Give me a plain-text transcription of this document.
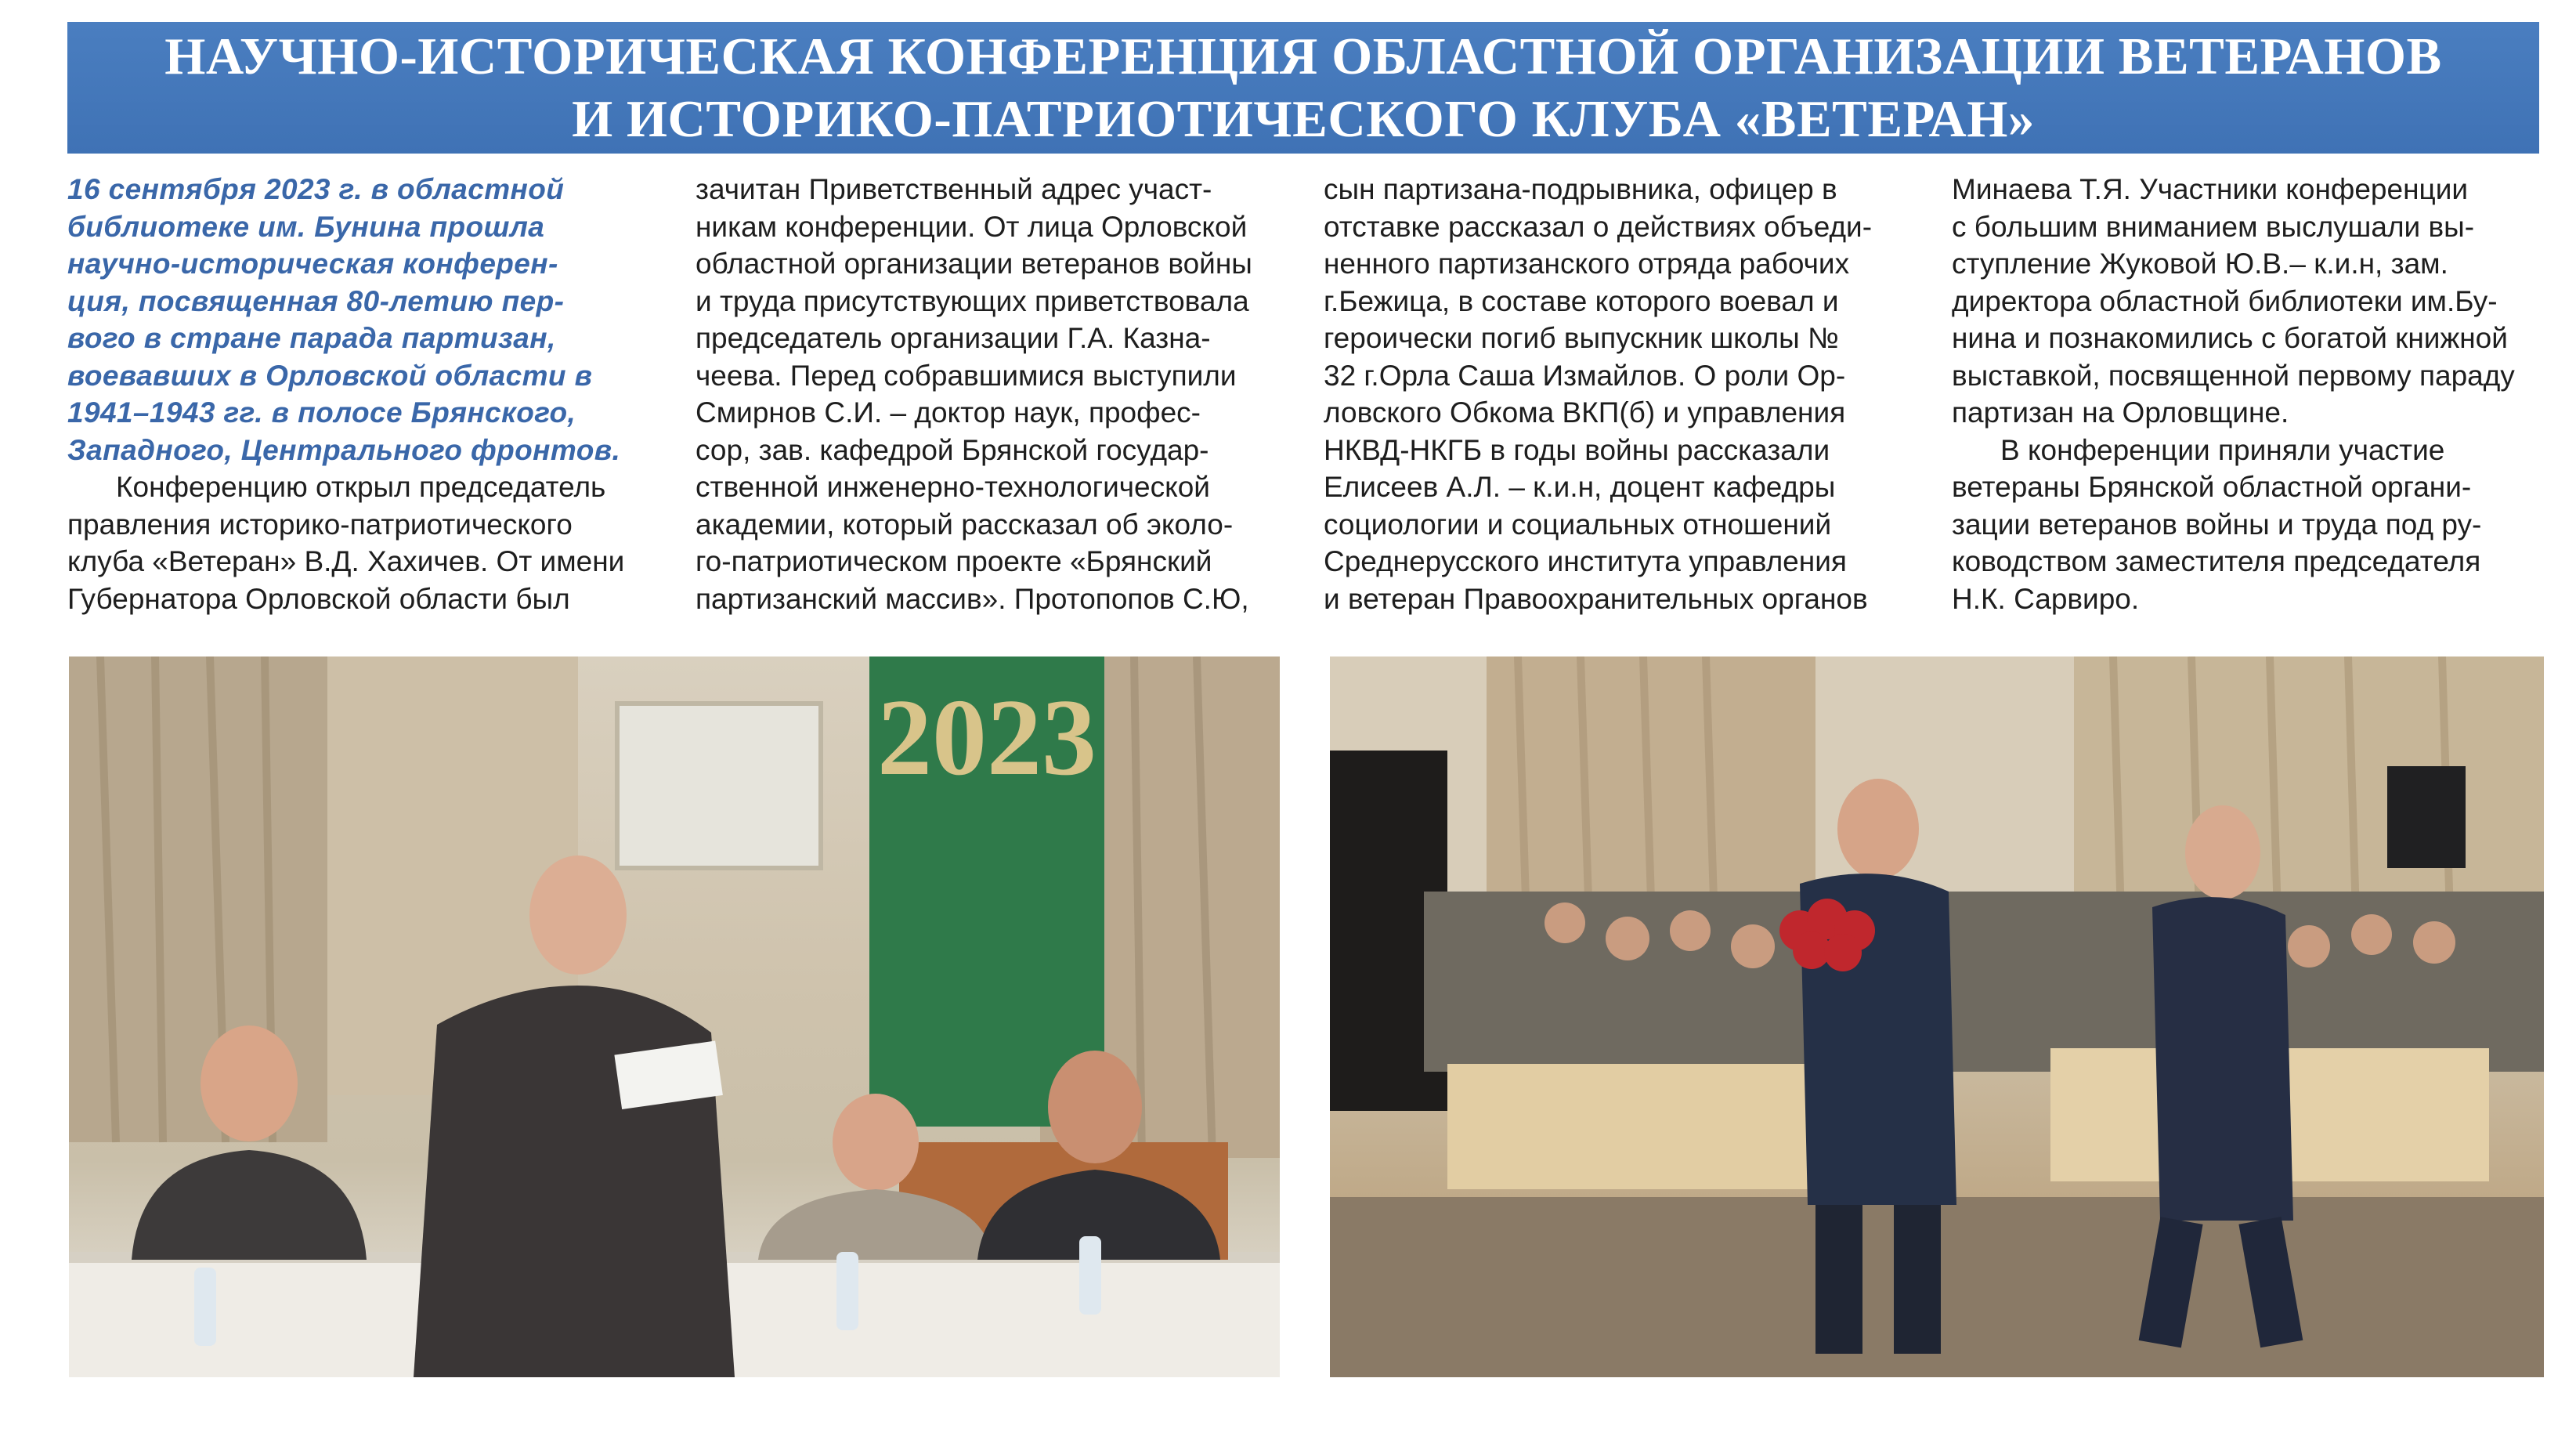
НАУЧНО-ИСТОРИЧЕСКАЯ КОНФЕРЕНЦИЯ ОБЛАСТНОЙ ОРГАНИЗАЦИИ ВЕТЕРАНОВ
И ИСТОРИКО-ПАТРИОТИЧЕСКОГО КЛУБА «ВЕТЕРАН»

16 сентября 2023 г. в областной

библиотеке им. Бунина прошла

научно-историческая конферен-

ция, посвященная 80-летию пер-

вого в стране парада партизан,

воевавших в Орловской области в

1941–1943 гг. в полосе Брянского,

Западного, Центрального фронтов.

Конференцию открыл председатель

правления историко-патриотического

клуба «Ветеран» В.Д. Хахичев. От имени

Губернатора Орловской области был

зачитан Приветственный адрес участ-

никам конференции. От лица Орловской

областной организации ветеранов войны

и труда присутствующих приветствовала

председатель организации Г.А. Казна-

чеева. Перед собравшимися выступили

Смирнов С.И. – доктор наук, профес-

сор, зав. кафедрой Брянской государ-

ственной инженерно-технологической

академии, который рассказал об эколо-

го-патриотическом проекте «Брянский

партизанский массив». Протопопов С.Ю,

сын партизана-подрывника, офицер в

отставке рассказал о действиях объеди-

ненного партизанского отряда рабочих

г.Бежица, в составе которого воевал и

героически погиб выпускник школы №

32 г.Орла Саша Измайлов. О роли Ор-

ловского Обкома ВКП(б) и управления

НКВД-НКГБ в годы войны рассказали

Елисеев А.Л. – к.и.н, доцент кафедры

социологии и социальных отношений

Среднерусского института управления

и ветеран Правоохранительных органов

Минаева Т.Я. Участники конференции

с большим вниманием выслушали вы-

ступление Жуковой Ю.В.– к.и.н, зам.

директора областной библиотеки им.Бу-

нина и познакомились с богатой книжной

выставкой, посвященной первому параду

партизан на Орловщине.

В конференции приняли участие

ветераны Брянской областной органи-

зации ветеранов войны и труда под ру-

ководством заместителя председателя

Н.К. Сарвиро.

2023
